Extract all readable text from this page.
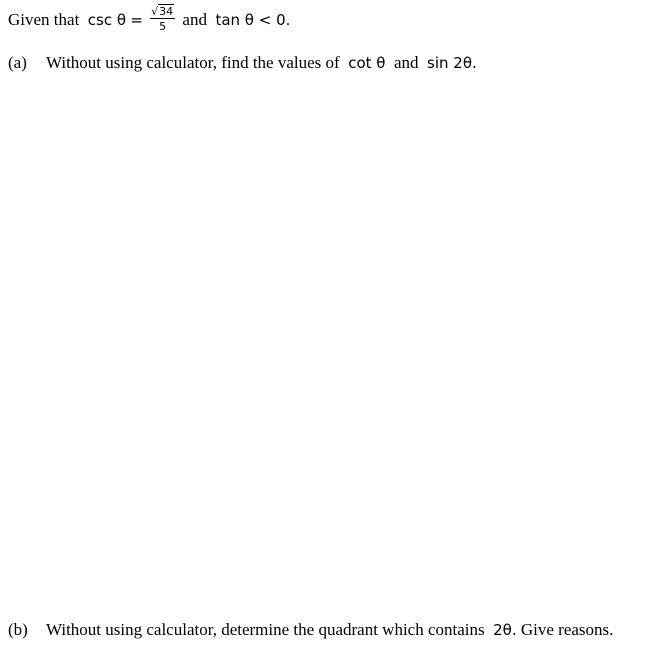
Given that $\csc \theta = \frac{√34}{5}$ and tan θ < 0.
(a) Without using calculator, find the values of cot θ and sin 2θ.
(b) Without using calculator, determine the quadrant which contains 2θ. Give reasons.
